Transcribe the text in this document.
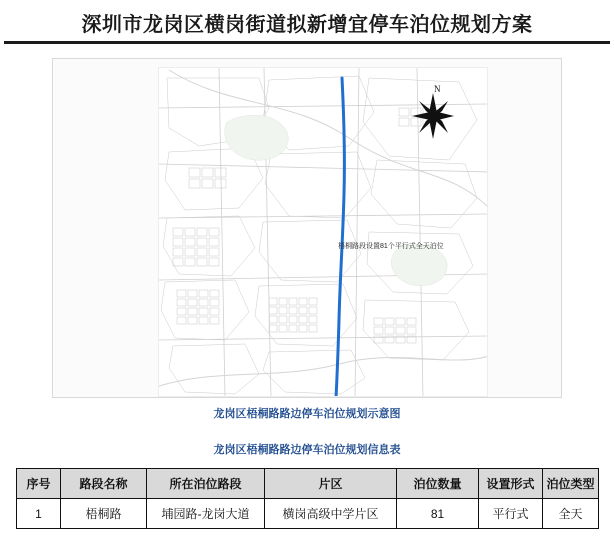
深圳市龙岗区横岗街道拟新增宜停车泊位规划方案
梧桐路段设置81个平行式全天泊位
N
龙岗区梧桐路路边停车泊位规划示意图
龙岗区梧桐路路边停车泊位规划信息表
序号	路段名称	所在泊位路段	片区	泊位数量	设置形式	泊位类型
1	梧桐路	埔园路-龙岗大道	横岗高级中学片区	81	平行式	全天
